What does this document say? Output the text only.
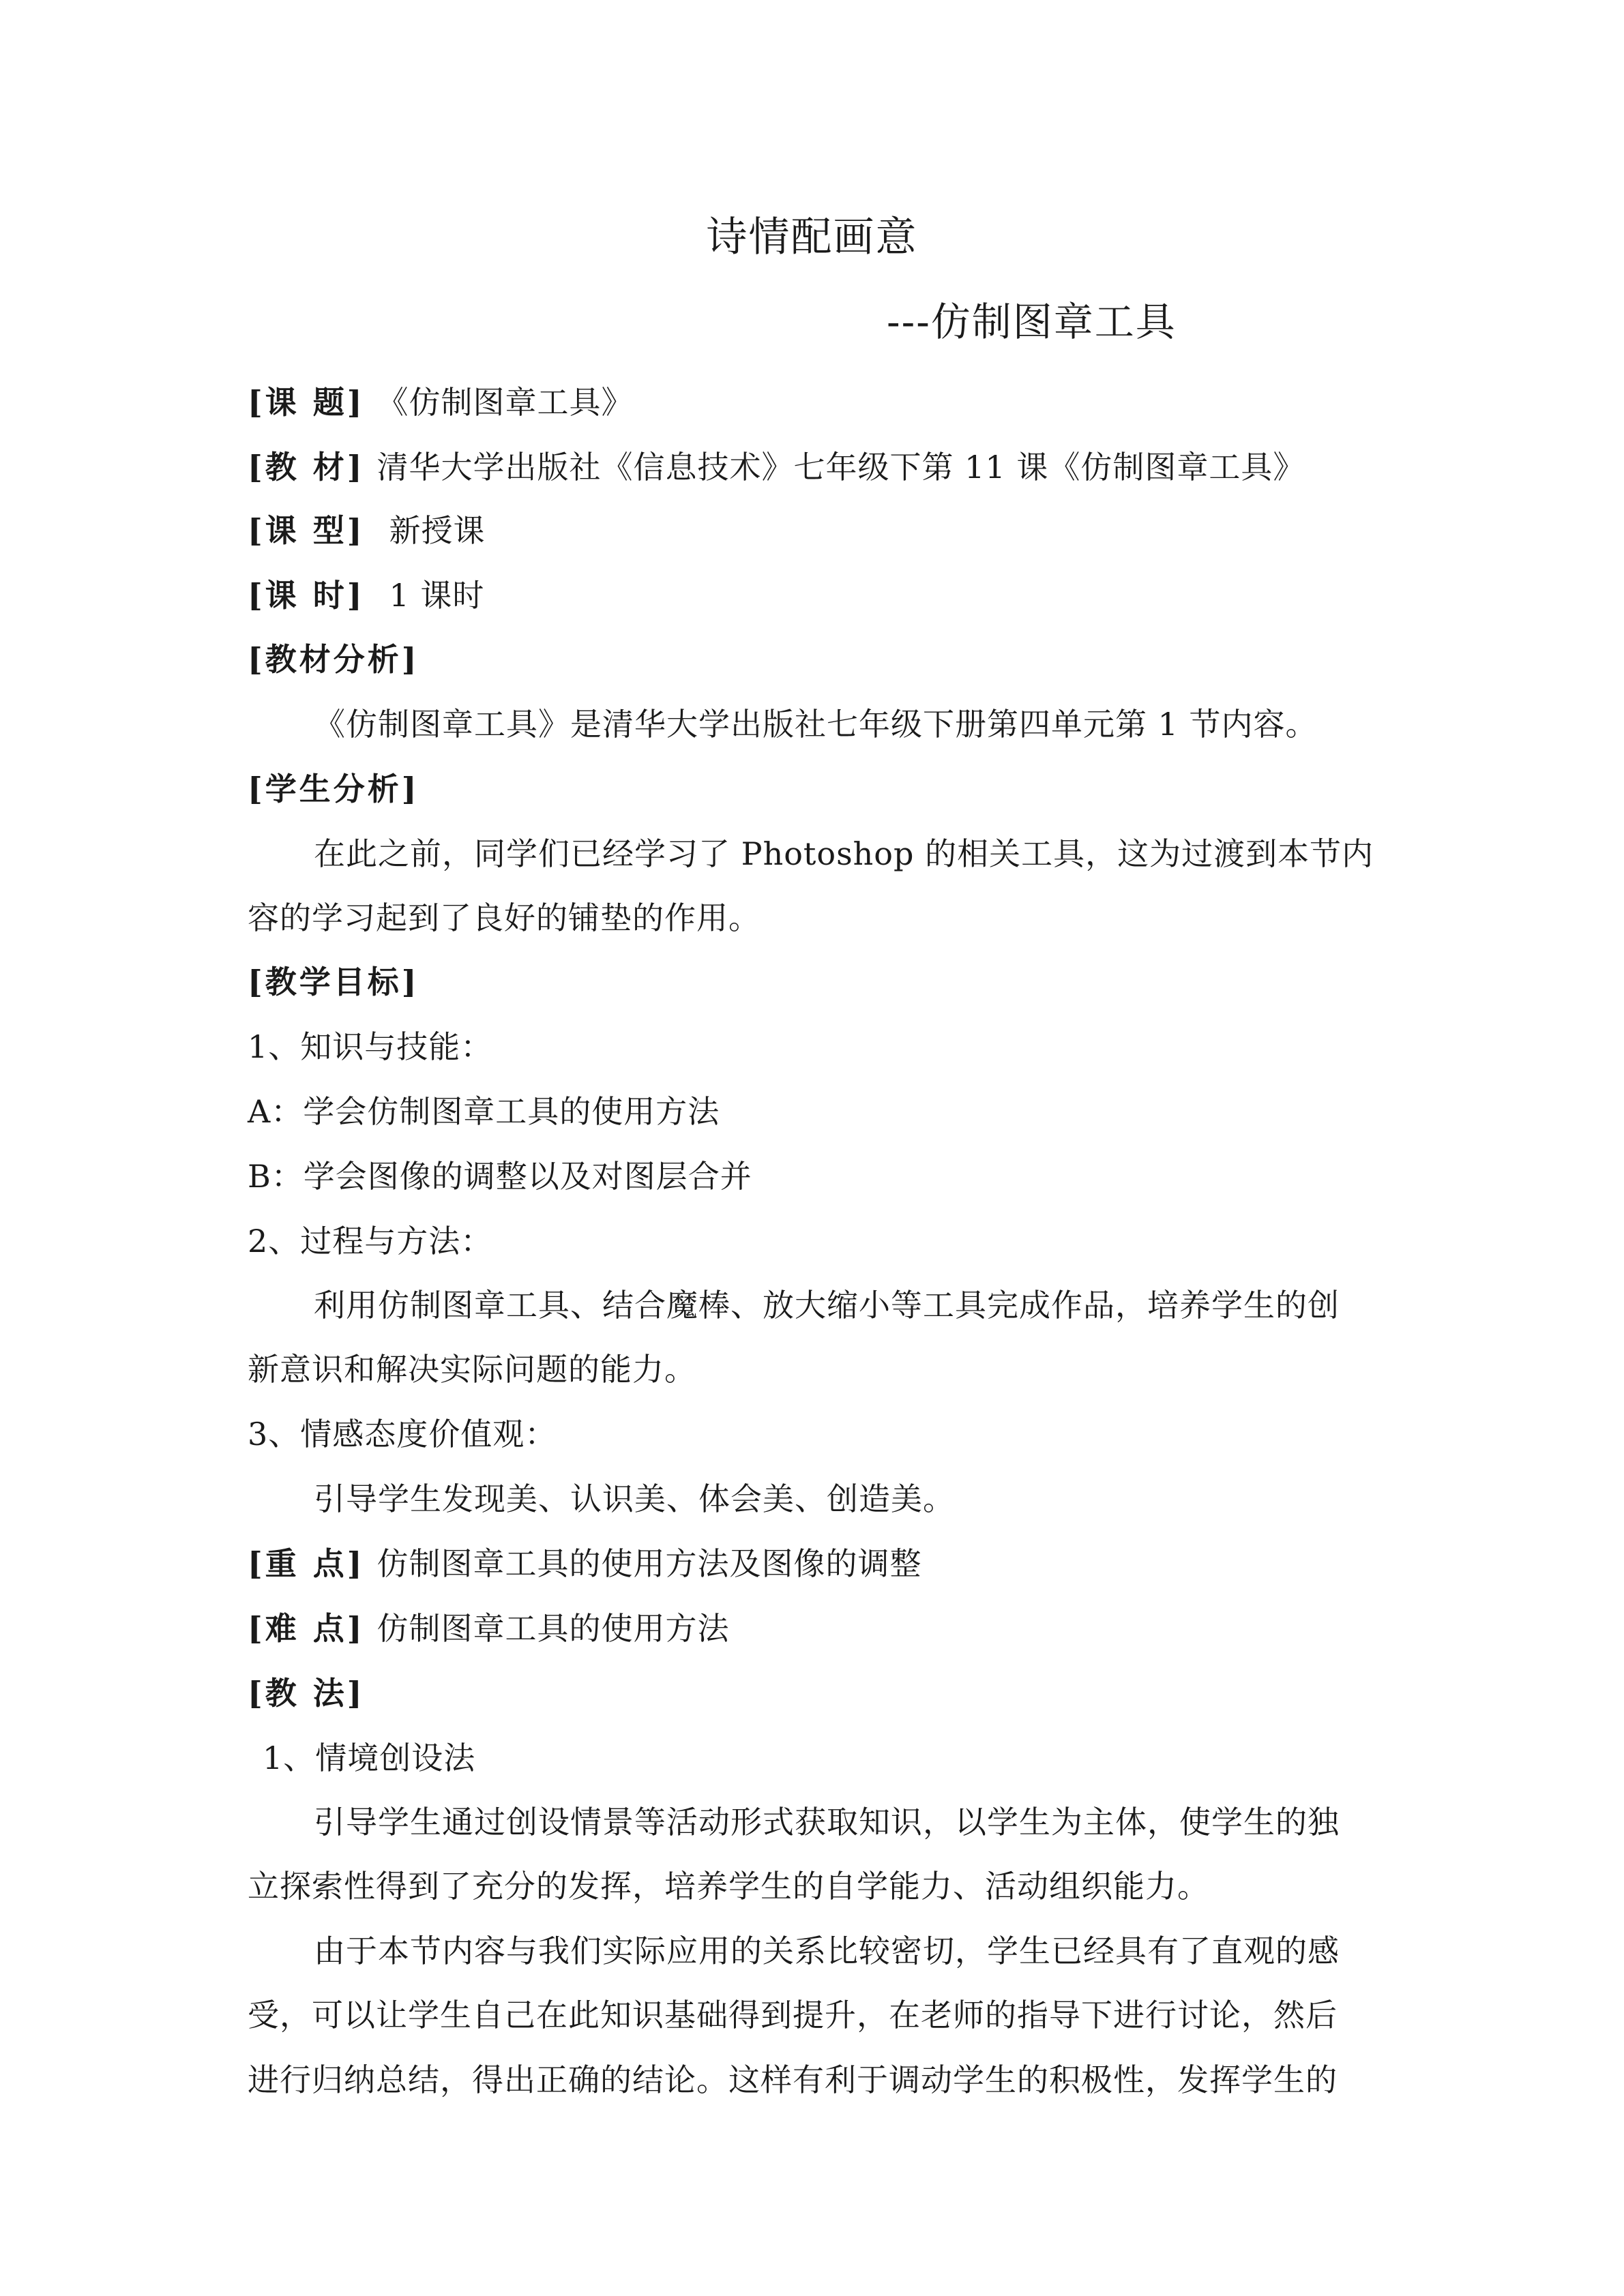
诗情配画意
---仿制图章工具
[课 题] 《仿制图章工具》
[教 材] 清华大学出版社《信息技术》七年级下第 11 课《仿制图章工具》
[课 型] 新授课
[课 时] 1 课时
[教材分析]
《仿制图章工具》是清华大学出版社七年级下册第四单元第 1 节内容。
[学生分析]
在此之前，同学们已经学习了 Photoshop 的相关工具，这为过渡到本节内
容的学习起到了良好的铺垫的作用。
[教学目标]
1、知识与技能：
A：学会仿制图章工具的使用方法
B：学会图像的调整以及对图层合并
2、过程与方法：
利用仿制图章工具、结合魔棒、放大缩小等工具完成作品，培养学生的创
新意识和解决实际问题的能力。
3、情感态度价值观：
引导学生发现美、认识美、体会美、创造美。
[重 点] 仿制图章工具的使用方法及图像的调整
[难 点] 仿制图章工具的使用方法
[教 法]
1、情境创设法
引导学生通过创设情景等活动形式获取知识，以学生为主体，使学生的独
立探索性得到了充分的发挥，培养学生的自学能力、活动组织能力。
由于本节内容与我们实际应用的关系比较密切，学生已经具有了直观的感
受，可以让学生自己在此知识基础得到提升，在老师的指导下进行讨论，然后
进行归纳总结，得出正确的结论。这样有利于调动学生的积极性，发挥学生的
